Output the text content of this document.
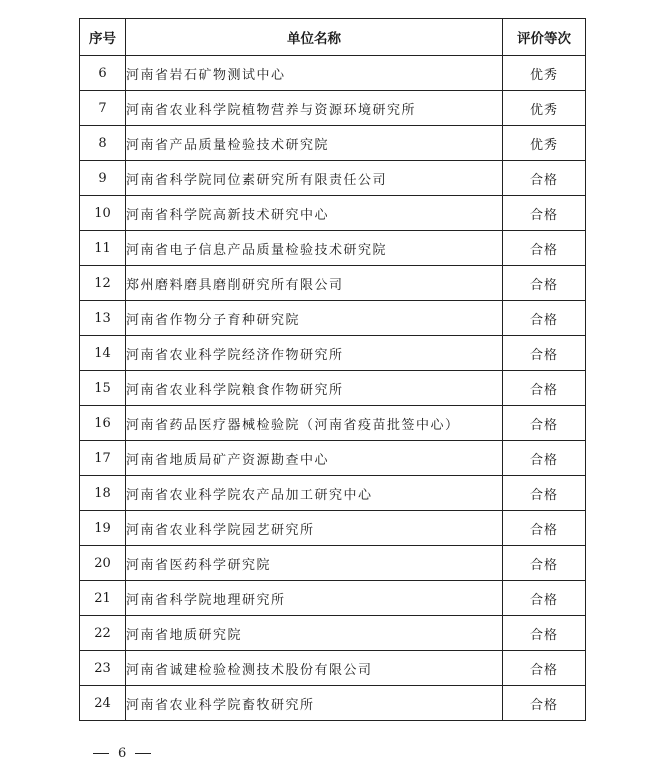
序号	单位名称	评价等次
6	河南省岩石矿物测试中心	优秀
7	河南省农业科学院植物营养与资源环境研究所	优秀
8	河南省产品质量检验技术研究院	优秀
9	河南省科学院同位素研究所有限责任公司	合格
10	河南省科学院高新技术研究中心	合格
11	河南省电子信息产品质量检验技术研究院	合格
12	郑州磨料磨具磨削研究所有限公司	合格
13	河南省作物分子育种研究院	合格
14	河南省农业科学院经济作物研究所	合格
15	河南省农业科学院粮食作物研究所	合格
16	河南省药品医疗器械检验院（河南省疫苗批签中心）	合格
17	河南省地质局矿产资源勘查中心	合格
18	河南省农业科学院农产品加工研究中心	合格
19	河南省农业科学院园艺研究所	合格
20	河南省医药科学研究院	合格
21	河南省科学院地理研究所	合格
22	河南省地质研究院	合格
23	河南省诚建检验检测技术股份有限公司	合格
24	河南省农业科学院畜牧研究所	合格
6
